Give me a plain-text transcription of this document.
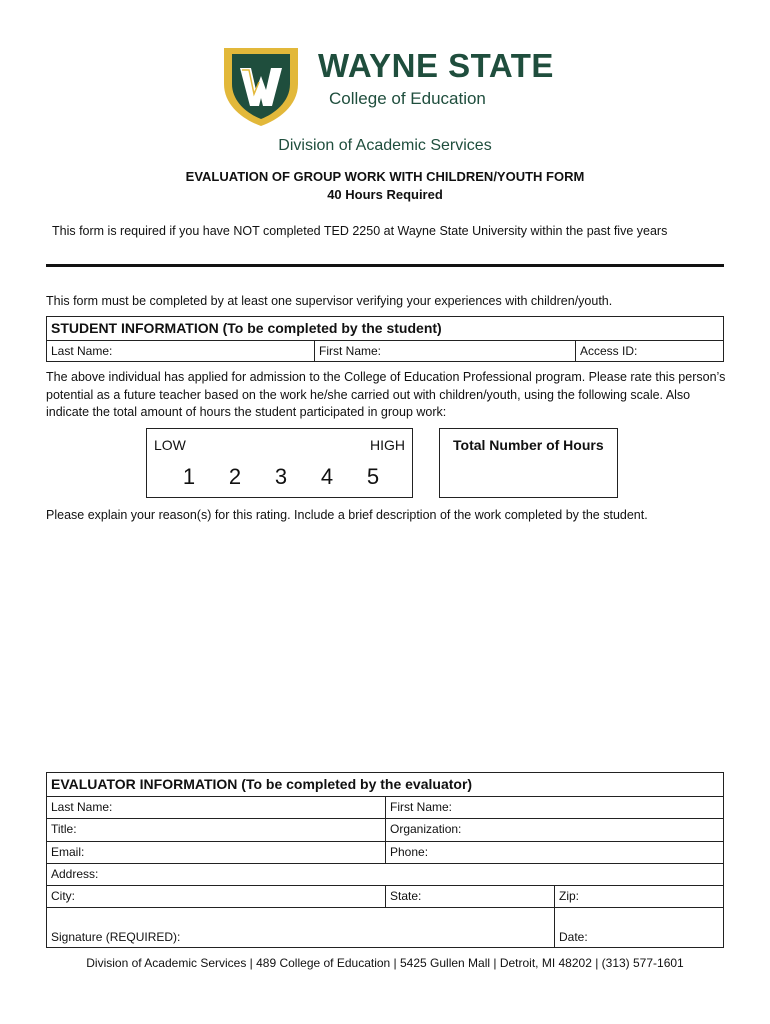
WAYNE STATE
College of Education
Division of Academic Services
EVALUATION OF GROUP WORK WITH CHILDREN/YOUTH FORM
40 Hours Required
This form is required if you have NOT completed TED 2250 at Wayne State University within the past five years
This form must be completed by at least one supervisor verifying your experiences with children/youth.
STUDENT INFORMATION (To be completed by the student)
Last Name:	First Name:	Access ID:
The above individual has applied for admission to the College of Education Professional program. Please rate this person’s potential as a future teacher based on the work he/she carried out with children/youth, using the following scale. Also indicate the total amount of hours the student participated in group work:
LOW	HIGH
1	2	3	4	5
Total Number of Hours
Please explain your reason(s) for this rating. Include a brief description of the work completed by the student.
EVALUATOR INFORMATION (To be completed by the evaluator)
Last Name:	First Name:
Title:	Organization:
Email:	Phone:
Address:
City:	State:	Zip:
Signature (REQUIRED):	Date:
Division of Academic Services | 489 College of Education | 5425 Gullen Mall | Detroit, MI 48202 | (313) 577-1601
